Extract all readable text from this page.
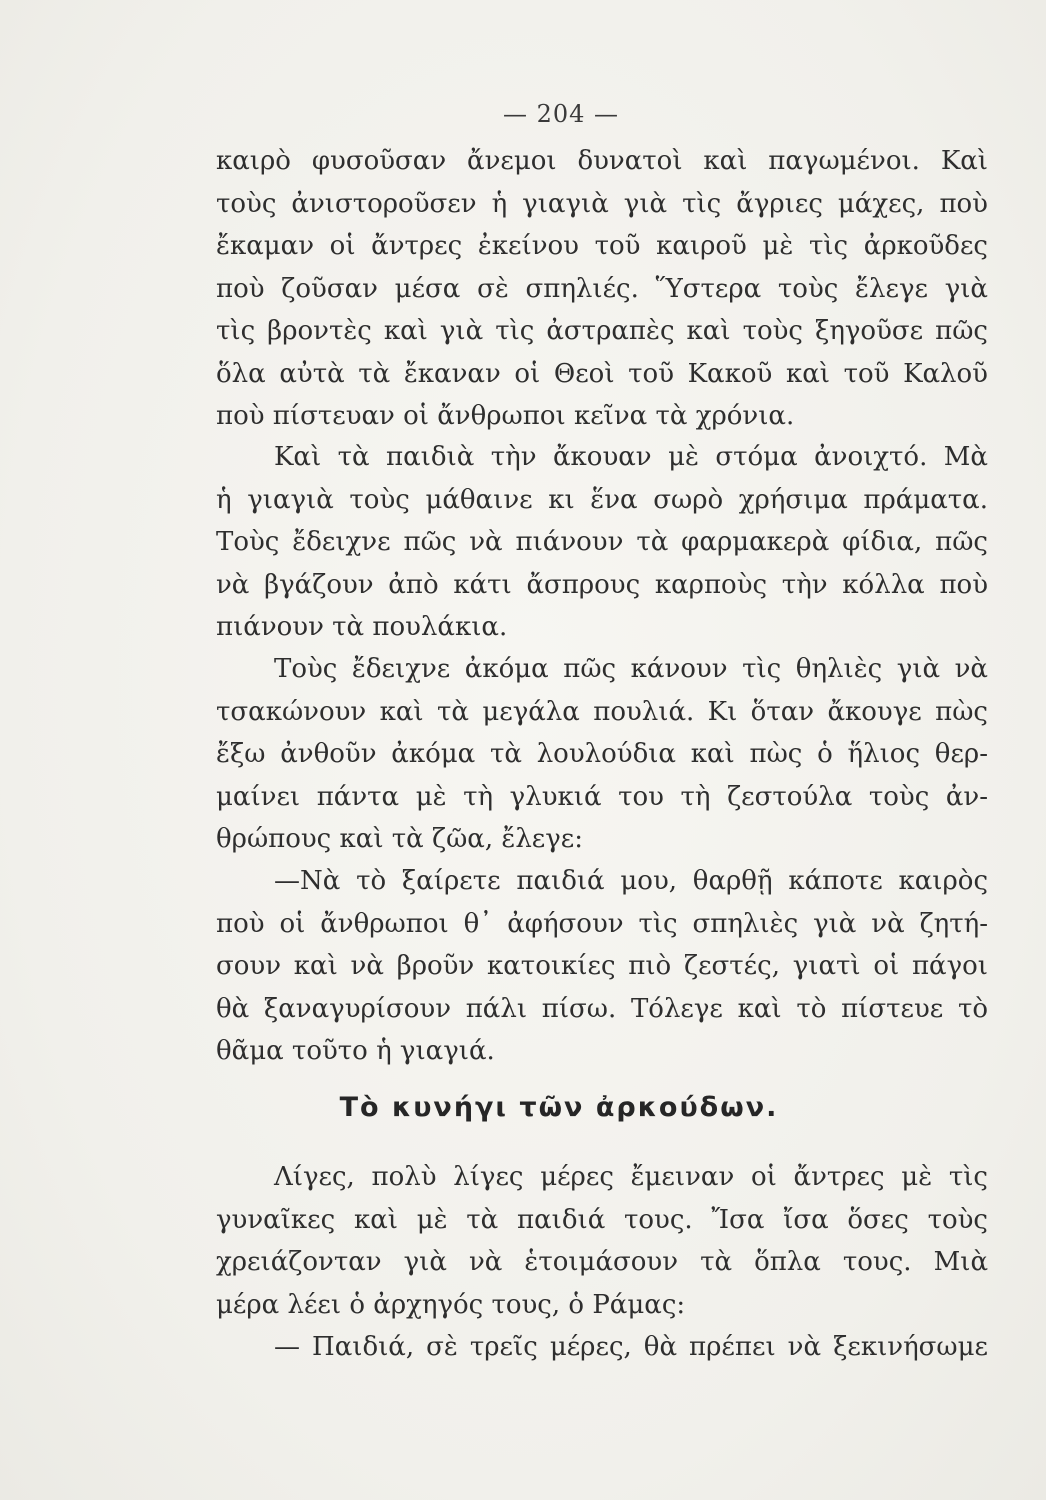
— 204 —
καιρὸ φυσοῦσαν ἄνεμοι δυνατοὶ καὶ παγωμένοι. Καὶ
τοὺς ἀνιστοροῦσεν ἡ γιαγιὰ γιὰ τὶς ἄγριες μάχες, ποὺ
ἔκαμαν οἱ ἄντρες ἐκείνου τοῦ καιροῦ μὲ τὶς ἀρκοῦδες
ποὺ ζοῦσαν μέσα σὲ σπηλιές. Ὕστερα τοὺς ἔλεγε γιὰ
τὶς βροντὲς καὶ γιὰ τὶς ἀστραπὲς καὶ τοὺς ξηγοῦσε πῶς
ὅλα αὐτὰ τὰ ἔκαναν οἱ Θεοὶ τοῦ Κακοῦ καὶ τοῦ Καλοῦ
ποὺ πίστευαν οἱ ἄνθρωποι κεῖνα τὰ χρόνια.
Καὶ τὰ παιδιὰ τὴν ἄκουαν μὲ στόμα ἀνοιχτό. Μὰ
ἡ γιαγιὰ τοὺς μάθαινε κι ἕνα σωρὸ χρήσιμα πράματα.
Τοὺς ἔδειχνε πῶς νὰ πιάνουν τὰ φαρμακερὰ φίδια, πῶς
νὰ βγάζουν ἀπὸ κάτι ἄσπρους καρποὺς τὴν κόλλα ποὺ
πιάνουν τὰ πουλάκια.
Τοὺς ἔδειχνε ἀκόμα πῶς κάνουν τὶς θηλιὲς γιὰ νὰ
τσακώνουν καὶ τὰ μεγάλα πουλιά. Κι ὅταν ἄκουγε πὼς
ἔξω ἀνθοῦν ἀκόμα τὰ λουλούδια καὶ πὼς ὁ ἥλιος θερ-
μαίνει πάντα μὲ τὴ γλυκιά του τὴ ζεστούλα τοὺς ἀν-
θρώπους καὶ τὰ ζῶα, ἔλεγε:
—Νὰ τὸ ξαίρετε παιδιά μου, θαρθῇ κάποτε καιρὸς
ποὺ οἱ ἄνθρωποι θ᾿ ἀφήσουν τὶς σπηλιὲς γιὰ νὰ ζητή-
σουν καὶ νὰ βροῦν κατοικίες πιὸ ζεστές, γιατὶ οἱ πάγοι
θὰ ξαναγυρίσουν πάλι πίσω. Τόλεγε καὶ τὸ πίστευε τὸ
θᾶμα τοῦτο ἡ γιαγιά.
Τὸ κυνήγι τῶν ἀρκούδων.
Λίγες, πολὺ λίγες μέρες ἔμειναν οἱ ἄντρες μὲ τὶς
γυναῖκες καὶ μὲ τὰ παιδιά τους. Ἴσα ἴσα ὅσες τοὺς
χρειάζονταν γιὰ νὰ ἑτοιμάσουν τὰ ὅπλα τους. Μιὰ
μέρα λέει ὁ ἀρχηγός τους, ὁ Ράμας:
— Παιδιά, σὲ τρεῖς μέρες, θὰ πρέπει νὰ ξεκινήσωμε
